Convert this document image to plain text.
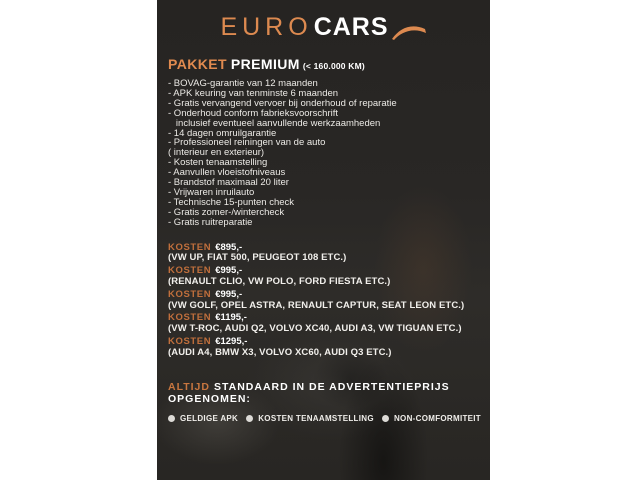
EURO CARS
PAKKET PREMIUM (< 160.000 KM)
- BOVAG-garantie van 12 maanden
- APK keuring van tenminste 6 maanden
- Gratis vervangend vervoer bij onderhoud of reparatie
- Onderhoud conform fabrieksvoorschrift
inclusief eventueel aanvullende werkzaamheden
- 14 dagen omruilgarantie
- Professioneel reiningen van de auto
( interieur en exterieur)
- Kosten tenaamstelling
- Aanvullen vloeistofniveaus
- Brandstof maximaal 20 liter
- Vrijwaren inruilauto
- Technische 15-punten check
- Gratis zomer-/wintercheck
- Gratis ruitreparatie
KOSTEN €895,-
(VW UP, FIAT 500, PEUGEOT 108 ETC.)
KOSTEN €995,-
(RENAULT CLIO, VW POLO, FORD FIESTA ETC.)
KOSTEN €995,-
(VW GOLF, OPEL ASTRA, RENAULT CAPTUR, SEAT LEON ETC.)
KOSTEN €1195,-
(VW T-ROC, AUDI Q2, VOLVO XC40, AUDI A3, VW TIGUAN ETC.)
KOSTEN €1295,-
(AUDI A4, BMW X3, VOLVO XC60, AUDI Q3 ETC.)
ALTIJD STANDAARD IN DE ADVERTENTIEPRIJS OPGENOMEN:
GELDIGE APK	KOSTEN TENAAMSTELLING	NON-COMFORMITEIT
